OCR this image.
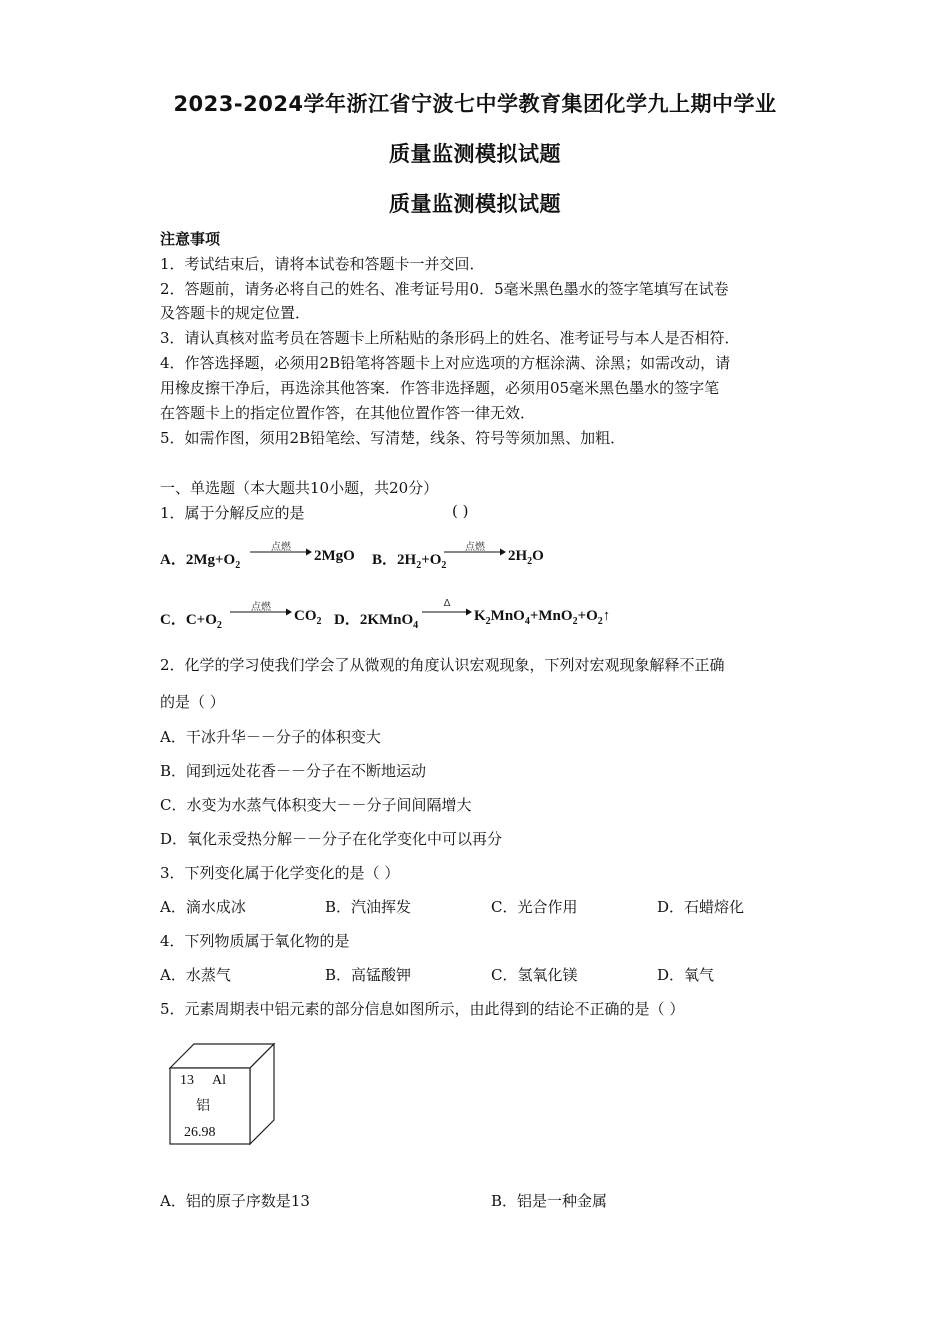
2023-2024学年浙江省宁波七中学教育集团化学九上期中学业
质量监测模拟试题
质量监测模拟试题
注意事项
1．考试结束后，请将本试卷和答题卡一并交回．
2．答题前，请务必将自己的姓名、准考证号用0．5毫米黑色墨水的签字笔填写在试卷
及答题卡的规定位置．
3．请认真核对监考员在答题卡上所粘贴的条形码上的姓名、准考证号与本人是否相符．
4．作答选择题，必须用2B铅笔将答题卡上对应选项的方框涂满、涂黑；如需改动，请
用橡皮擦干净后，再选涂其他答案．作答非选择题，必须用05毫米黑色墨水的签字笔
在答题卡上的指定位置作答，在其他位置作答一律无效．
5．如需作图，须用2B铅笔绘、写清楚，线条、符号等须加黑、加粗．
一、单选题（本大题共10小题，共20分）
1．属于分解反应的是	( )
A．$2Mg+O_2$
点燃
2MgO B．$2H_2+O_2$
点燃
$2H_2O$
C．$C+O_2$
点燃
$CO_2$ D．2KMnO$_4$
Δ
$K_2MnO_4+MnO_2+O_2↑$
2．化学的学习使我们学会了从微观的角度认识宏观现象，下列对宏观现象解释不正确
的是（ ）
A．干冰升华－－分子的体积变大
B．闻到远处花香－－分子在不断地运动
C．水变为水蒸气体积变大－－分子间间隔增大
D．氧化汞受热分解－－分子在化学变化中可以再分
3．下列变化属于化学变化的是（ ）
A．滴水成冰	B．汽油挥发	C．光合作用	D．石蜡熔化
4．下列物质属于氧化物的是
A．水蒸气	B．高锰酸钾	C．氢氧化镁	D．氧气
5．元素周期表中铝元素的部分信息如图所示，由此得到的结论不正确的是（ ）
13 Al
铝
26.98
A．铝的原子序数是13	B．铝是一种金属
